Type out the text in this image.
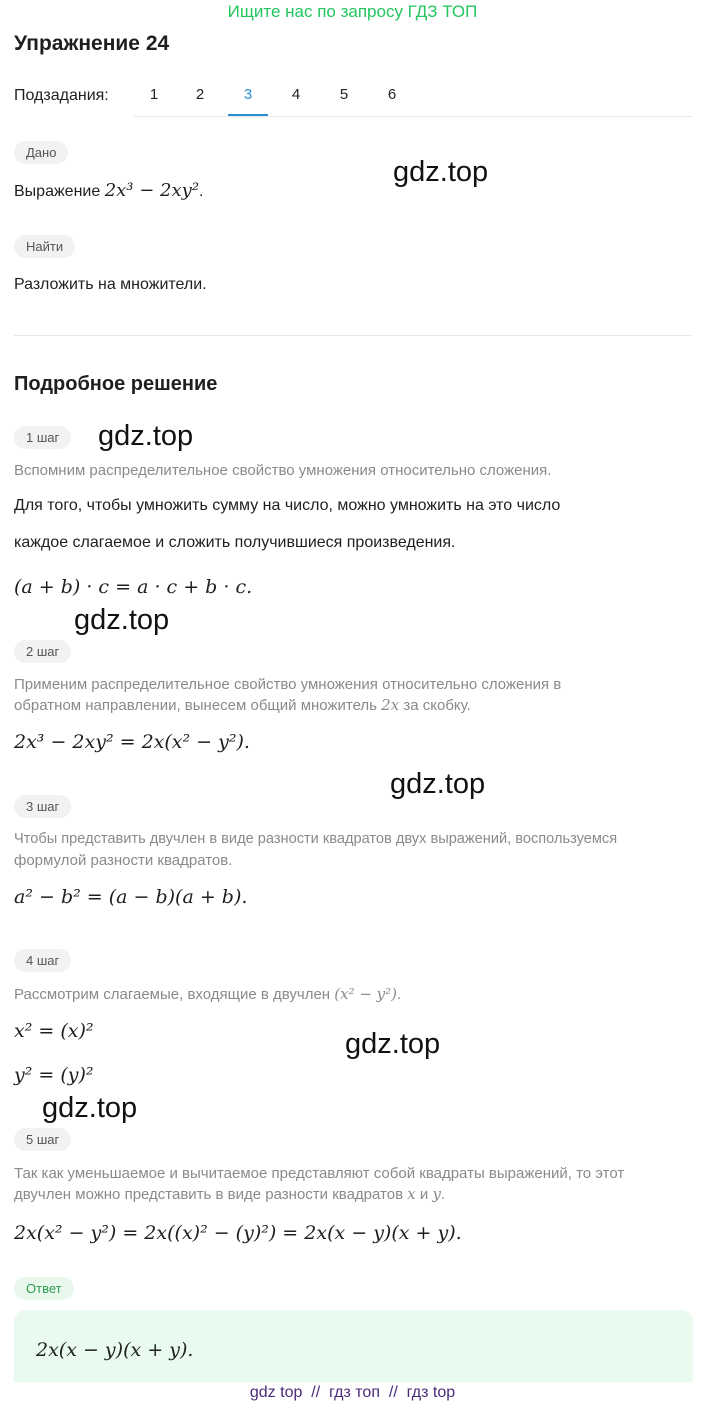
Ищите нас по запросу ГДЗ ТОП
Упражнение 24
Подзадания:	1	2	3	4	5	6
Дано
Выражение 2x³ − 2xy².
Найти
Разложить на множители.
Подробное решение
1 шаг
Вспомним распределительное свойство умножения относительно сложения.
Для того, чтобы умножить сумму на число, можно умножить на это число
каждое слагаемое и сложить получившиеся произведения.
(a + b) · c = a · c + b · c.
2 шаг
Применим распределительное свойство умножения относительно сложения в
обратном направлении, вынесем общий множитель 2x за скобку.
2x³ − 2xy² = 2x(x² − y²).
3 шаг
Чтобы представить двучлен в виде разности квадратов двух выражений, воспользуемся
формулой разности квадратов.
a² − b² = (a − b)(a + b).
4 шаг
Рассмотрим слагаемые, входящие в двучлен (x² − y²).
x² = (x)²
y² = (y)²
5 шаг
Так как уменьшаемое и вычитаемое представляют собой квадраты выражений, то этот
двучлен можно представить в виде разности квадратов x и y.
2x(x² − y²) = 2x((x)² − (y)²) = 2x(x − y)(x + y).
Ответ
2x(x − y)(x + y).
gdz.top
gdz.top
gdz.top
gdz.top
gdz.top
gdz.top
gdz top  //  гдз топ  //  гдз top
